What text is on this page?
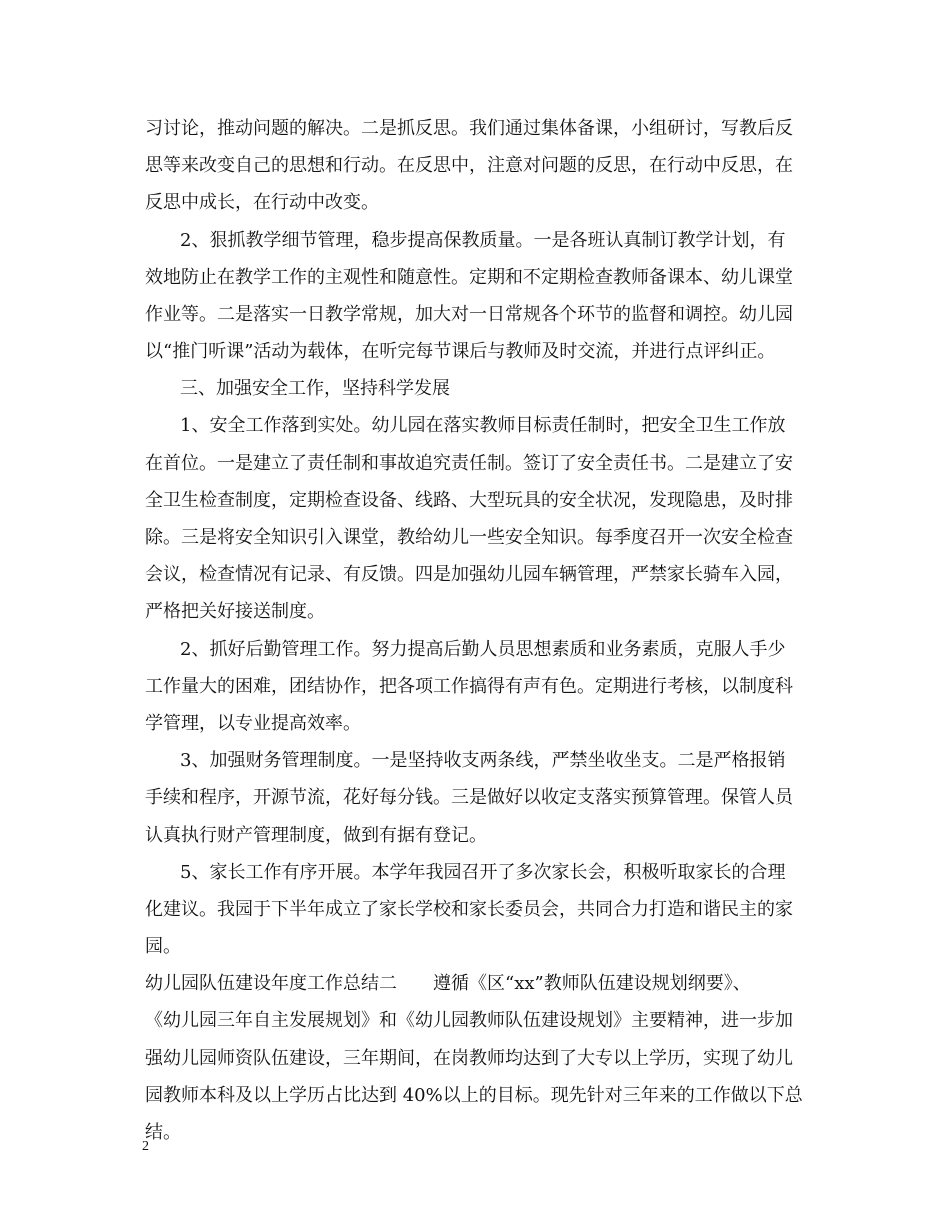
习讨论，推动问题的解决。二是抓反思。我们通过集体备课，小组研讨，写教后反
思等来改变自己的思想和行动。在反思中，注意对问题的反思，在行动中反思，在
反思中成长，在行动中改变。
2、狠抓教学细节管理，稳步提高保教质量。一是各班认真制订教学计划，有
效地防止在教学工作的主观性和随意性。定期和不定期检查教师备课本、幼儿课堂
作业等。二是落实一日教学常规，加大对一日常规各个环节的监督和调控。幼儿园
以“推门听课”活动为载体，在听完每节课后与教师及时交流，并进行点评纠正。
三、加强安全工作，坚持科学发展
1、安全工作落到实处。幼儿园在落实教师目标责任制时，把安全卫生工作放
在首位。一是建立了责任制和事故追究责任制。签订了安全责任书。二是建立了安
全卫生检查制度，定期检查设备、线路、大型玩具的安全状况，发现隐患，及时排
除。三是将安全知识引入课堂，教给幼儿一些安全知识。每季度召开一次安全检查
会议，检查情况有记录、有反馈。四是加强幼儿园车辆管理，严禁家长骑车入园，
严格把关好接送制度。
2、抓好后勤管理工作。努力提高后勤人员思想素质和业务素质，克服人手少
工作量大的困难，团结协作，把各项工作搞得有声有色。定期进行考核，以制度科
学管理，以专业提高效率。
3、加强财务管理制度。一是坚持收支两条线，严禁坐收坐支。二是严格报销
手续和程序，开源节流，花好每分钱。三是做好以收定支落实预算管理。保管人员
认真执行财产管理制度，做到有据有登记。
5、家长工作有序开展。本学年我园召开了多次家长会，积极听取家长的合理
化建议。我园于下半年成立了家长学校和家长委员会，共同合力打造和谐民主的家
园。
幼儿园队伍建设年度工作总结二　　遵循《区“xx”教师队伍建设规划纲要》、
《幼儿园三年自主发展规划》和《幼儿园教师队伍建设规划》主要精神，进一步加
强幼儿园师资队伍建设，三年期间，在岗教师均达到了大专以上学历，实现了幼儿
园教师本科及以上学历占比达到 40%以上的目标。现先针对三年来的工作做以下总
结。
2
